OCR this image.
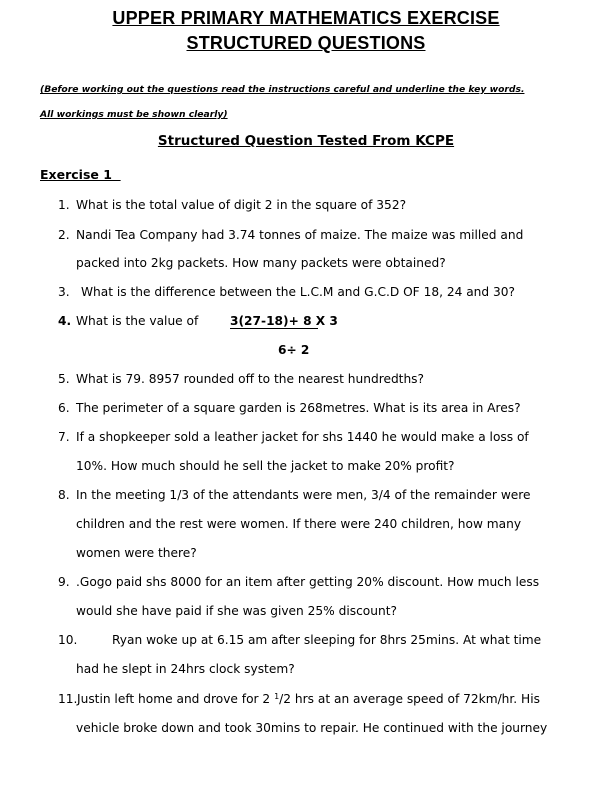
UPPER PRIMARY MATHEMATICS EXERCISE
STRUCTURED QUESTIONS
(Before working out the questions read the instructions careful and underline the key words.
All workings must be shown clearly)
Structured Question Tested From KCPE
Exercise 1
1. What is the total value of digit 2 in the square of 352?
2. Nandi Tea Company had 3.74 tonnes of maize. The maize was milled and
packed into 2kg packets. How many packets were obtained?
3. What is the difference between the L.C.M and G.C.D OF 18, 24 and 30?
4. What is the value of	3(27-18)+ 8 X 3
6÷ 2
5. What is 79. 8957 rounded off to the nearest hundredths?
6. The perimeter of a square garden is 268metres. What is its area in Ares?
7. If a shopkeeper sold a leather jacket for shs 1440 he would make a loss of
10%. How much should he sell the jacket to make 20% profit?
8. In the meeting 1/3 of the attendants were men, 3/4 of the remainder were
children and the rest were women. If there were 240 children, how many
women were there?
9. .Gogo paid shs 8000 for an item after getting 20% discount. How much less
would she have paid if she was given 25% discount?
10.	Ryan woke up at 6.15 am after sleeping for 8hrs 25mins. At what time
had he slept in 24hrs clock system?
11. Justin left home and drove for 2 $^1$/2 hrs at an average speed of 72km/hr. His
vehicle broke down and took 30mins to repair. He continued with the journey
